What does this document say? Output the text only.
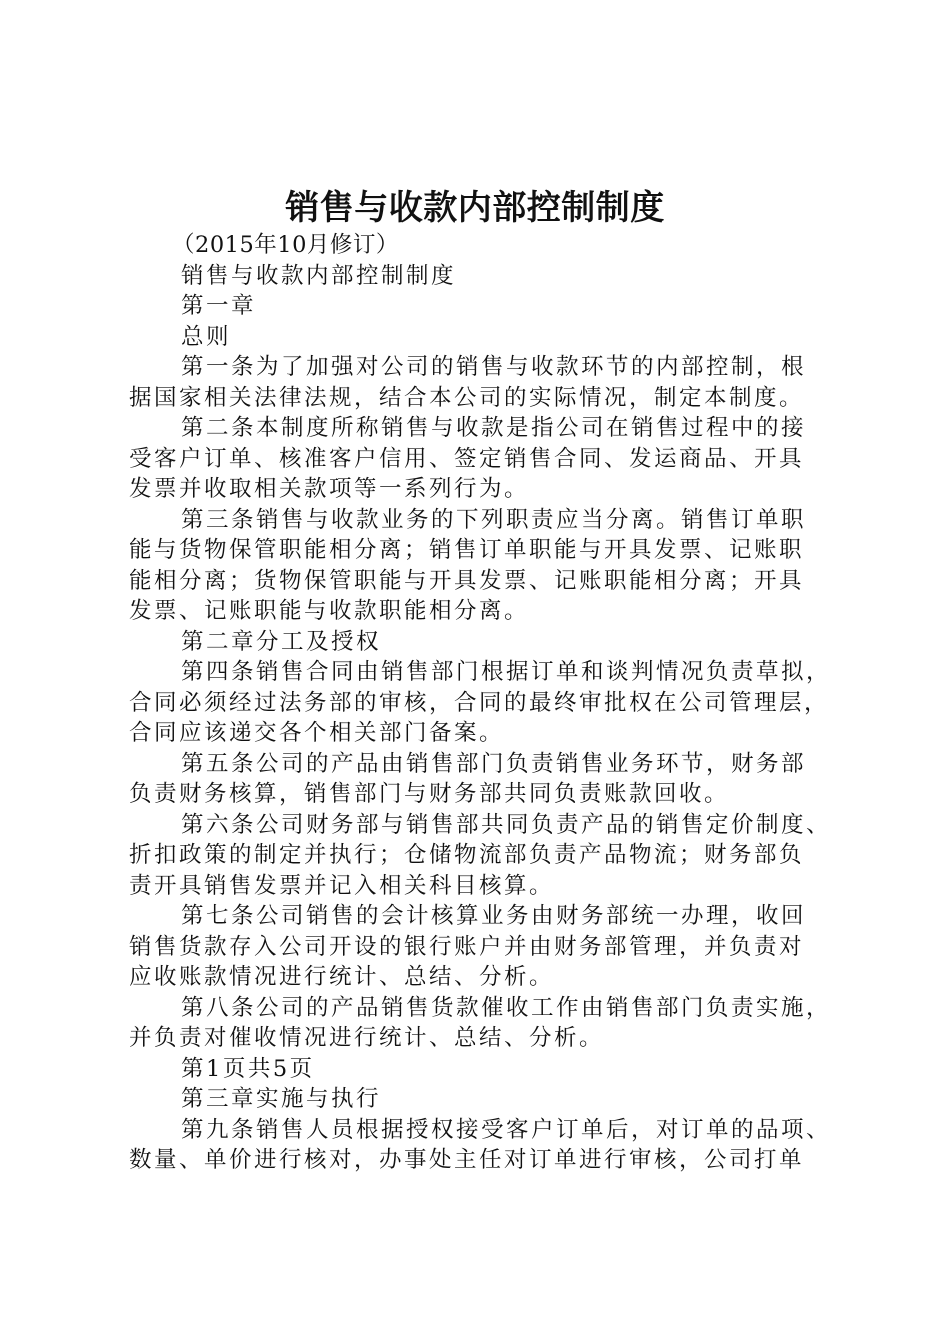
销售与收款内部控制制度
（2015年10月修订）
销售与收款内部控制制度
第一章
总则
第一条为了加强对公司的销售与收款环节的内部控制，根
据国家相关法律法规，结合本公司的实际情况，制定本制度。
第二条本制度所称销售与收款是指公司在销售过程中的接
受客户订单、核准客户信用、签定销售合同、发运商品、开具
发票并收取相关款项等一系列行为。
第三条销售与收款业务的下列职责应当分离。销售订单职
能与货物保管职能相分离；销售订单职能与开具发票、记账职
能相分离；货物保管职能与开具发票、记账职能相分离；开具
发票、记账职能与收款职能相分离。
第二章分工及授权
第四条销售合同由销售部门根据订单和谈判情况负责草拟，
合同必须经过法务部的审核，合同的最终审批权在公司管理层，
合同应该递交各个相关部门备案。
第五条公司的产品由销售部门负责销售业务环节，财务部
负责财务核算，销售部门与财务部共同负责账款回收。
第六条公司财务部与销售部共同负责产品的销售定价制度、
折扣政策的制定并执行；仓储物流部负责产品物流；财务部负
责开具销售发票并记入相关科目核算。
第七条公司销售的会计核算业务由财务部统一办理，收回
销售货款存入公司开设的银行账户并由财务部管理，并负责对
应收账款情况进行统计、总结、分析。
第八条公司的产品销售货款催收工作由销售部门负责实施，
并负责对催收情况进行统计、总结、分析。
第1页共5页
第三章实施与执行
第九条销售人员根据授权接受客户订单后，对订单的品项、
数量、单价进行核对，办事处主任对订单进行审核，公司打单
